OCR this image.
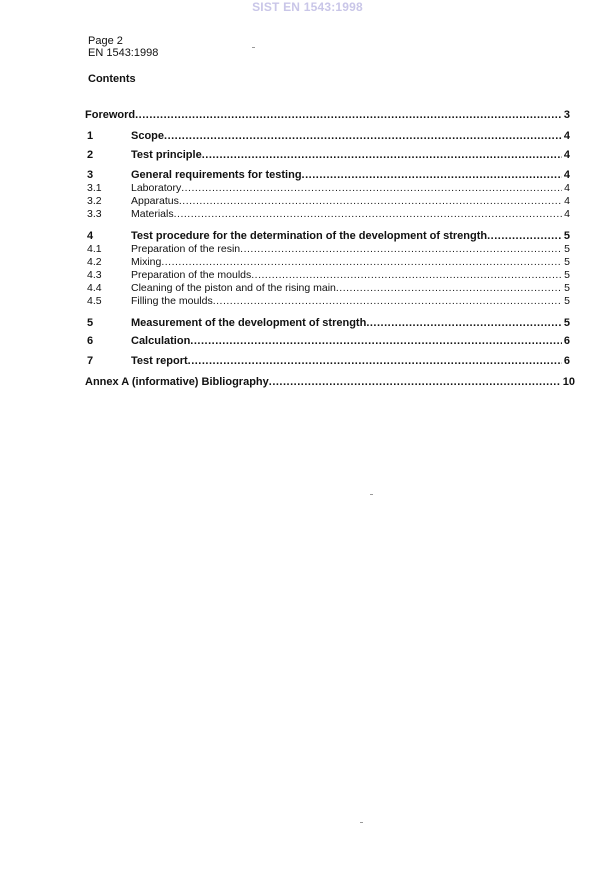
SIST EN 1543:1998
Page 2
EN 1543:1998
Contents
Foreword .....	3
1	Scope .....	4
2	Test principle .....	4
3	General requirements for testing .....	4
3.1	Laboratory .....	4
3.2	Apparatus .....	4
3.3	Materials .....	4
4	Test procedure for the determination of the development of strength .....	5
4.1	Preparation of the resin .....	5
4.2	Mixing .....	5
4.3	Preparation of the moulds .....	5
4.4	Cleaning of the piston and of the rising main .....	5
4.5	Filling the moulds .....	5
5	Measurement of the development of strength .....	5
6	Calculation .....	6
7	Test report .....	6
Annex A (informative) Bibliography .....	10
